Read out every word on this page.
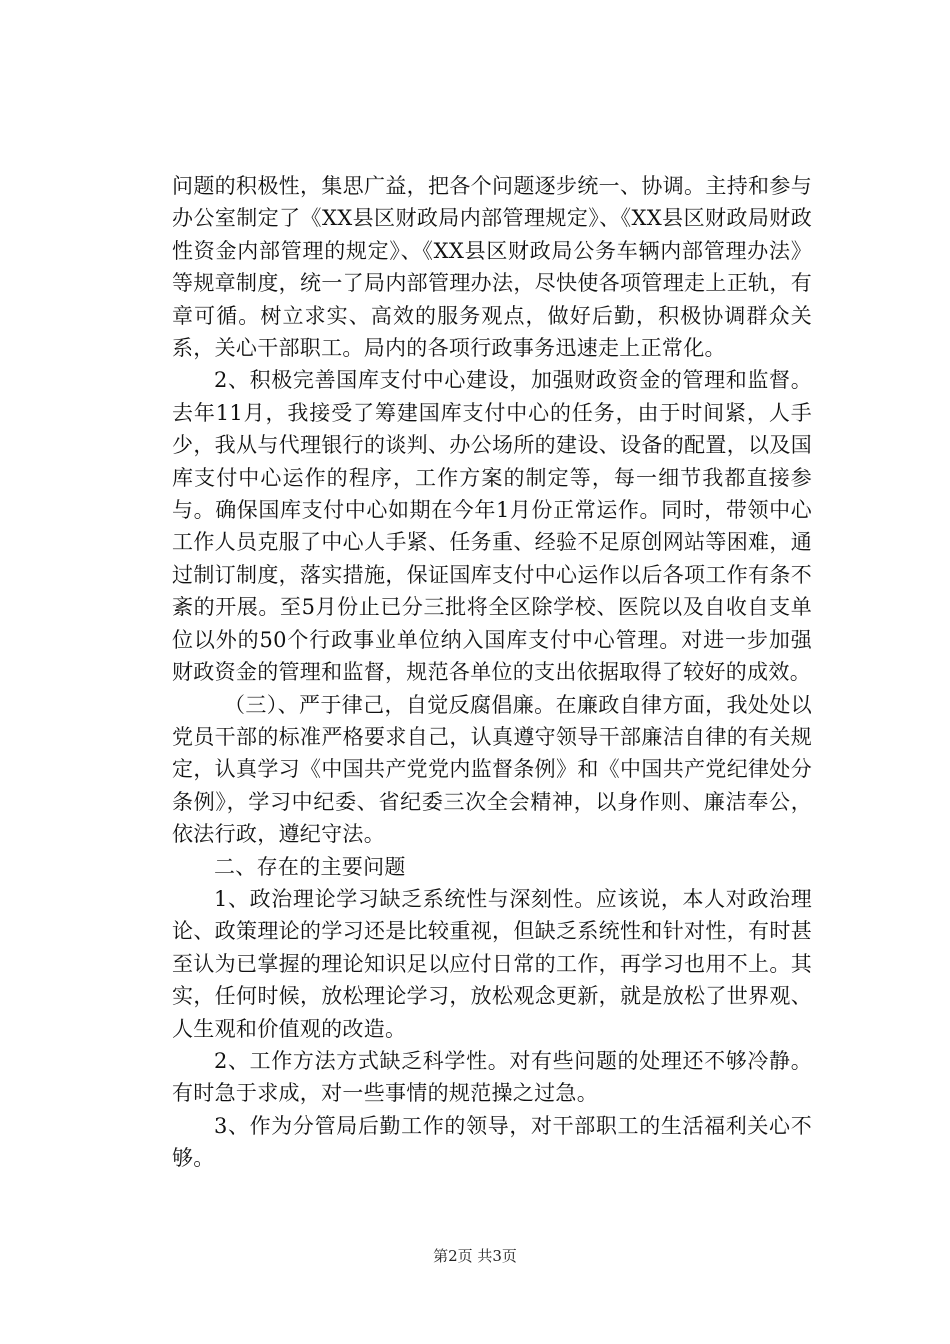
问题的积极性，集思广益，把各个问题逐步统一、协调。主持和参与办公室制定了《XX县区财政局内部管理规定》、《XX县区财政局财政性资金内部管理的规定》、《XX县区财政局公务车辆内部管理办法》等规章制度，统一了局内部管理办法，尽快使各项管理走上正轨，有章可循。树立求实、高效的服务观点，做好后勤，积极协调群众关系，关心干部职工。局内的各项行政事务迅速走上正常化。

2、积极完善国库支付中心建设，加强财政资金的管理和监督。去年11月，我接受了筹建国库支付中心的任务，由于时间紧，人手少，我从与代理银行的谈判、办公场所的建设、设备的配置，以及国库支付中心运作的程序，工作方案的制定等，每一细节我都直接参与。确保国库支付中心如期在今年1月份正常运作。同时，带领中心工作人员克服了中心人手紧、任务重、经验不足原创网站等困难，通过制订制度，落实措施，保证国库支付中心运作以后各项工作有条不紊的开展。至5月份止已分三批将全区除学校、医院以及自收自支单位以外的50个行政事业单位纳入国库支付中心管理。对进一步加强财政资金的管理和监督，规范各单位的支出依据取得了较好的成效。

（三）、严于律己，自觉反腐倡廉。在廉政自律方面，我处处以党员干部的标准严格要求自己，认真遵守领导干部廉洁自律的有关规定，认真学习《中国共产党党内监督条例》和《中国共产党纪律处分条例》，学习中纪委、省纪委三次全会精神，以身作则、廉洁奉公，依法行政，遵纪守法。

二、存在的主要问题

1、政治理论学习缺乏系统性与深刻性。应该说，本人对政治理论、政策理论的学习还是比较重视，但缺乏系统性和针对性，有时甚至认为已掌握的理论知识足以应付日常的工作，再学习也用不上。其实，任何时候，放松理论学习，放松观念更新，就是放松了世界观、人生观和价值观的改造。

2、工作方法方式缺乏科学性。对有些问题的处理还不够冷静。有时急于求成，对一些事情的规范操之过急。

3、作为分管局后勤工作的领导，对干部职工的生活福利关心不够。

第2页 共3页
